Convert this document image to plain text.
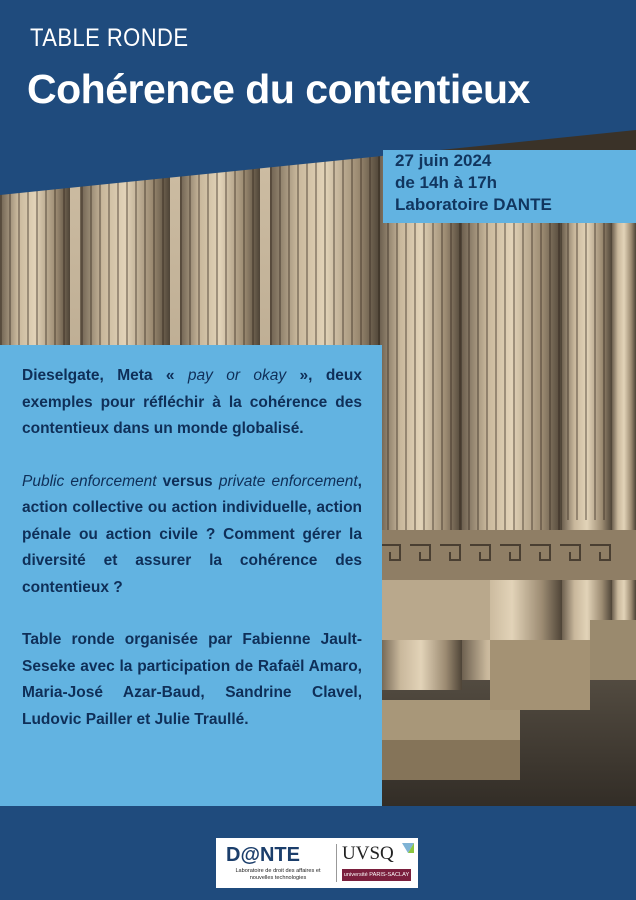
TABLE RONDE
Cohérence du contentieux
27 juin 2024
de 14h à 17h
Laboratoire DANTE

Dieselgate, Meta « pay or okay », deux exemples pour réfléchir à la cohérence des contentieux dans un monde globalisé.

Public enforcement versus private enforcement, action collective ou action individuelle, action pénale ou action civile ? Comment gérer la diversité et assurer la cohérence des contentieux ?

Table ronde organisée par Fabienne Jault-Seseke avec la participation de Rafaël Amaro, Maria-José Azar-Baud, Sandrine Clavel, Ludovic Pailler et Julie Traullé.

D@NTE
Laboratoire de droit des affaires et nouvelles technologies
UVSQ
université PARIS-SACLAY
